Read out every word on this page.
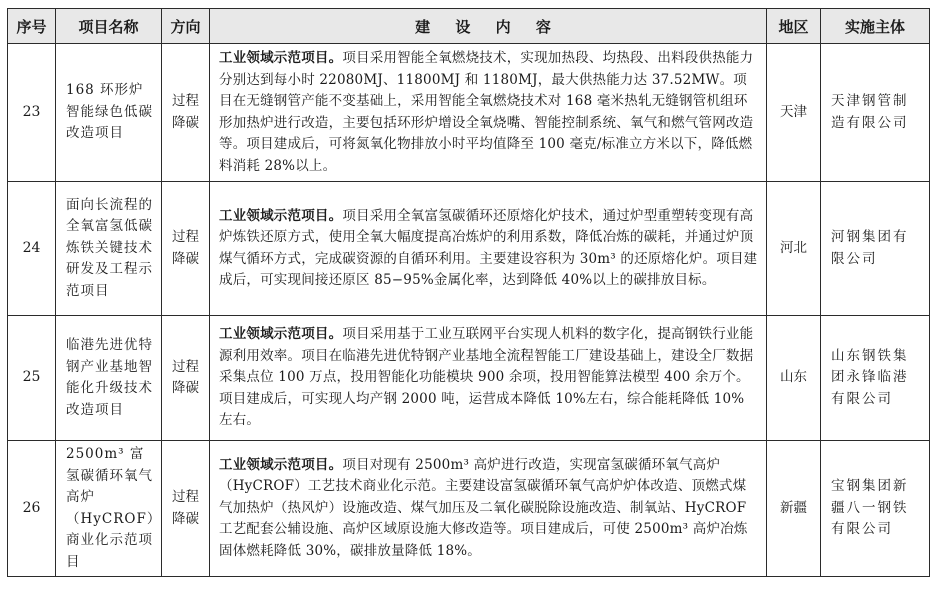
序号	项目名称	方向	建 设 内 容	地区	实施主体
23	168 环形炉智能绿色低碳改造项目	过程降碳	工业领域示范项目。项目采用智能全氧燃烧技术，实现加热段、均热段、出料段供热能力分别达到每小时 22080MJ、11800MJ 和 1180MJ，最大供热能力达 37.52MW。项目在无缝钢管产能不变基础上，采用智能全氧燃烧技术对 168 毫米热轧无缝钢管机组环形加热炉进行改造，主要包括环形炉增设全氧烧嘴、智能控制系统、氧气和燃气管网改造等。项目建成后，可将氮氧化物排放小时平均值降至 100 毫克/标准立方米以下，降低燃料消耗 28%以上。	天津	天津钢管制造有限公司
24	面向长流程的全氧富氢低碳炼铁关键技术研发及工程示范项目	过程降碳	工业领域示范项目。项目采用全氧富氢碳循环还原熔化炉技术，通过炉型重塑转变现有高炉炼铁还原方式，使用全氧大幅度提高冶炼炉的利用系数，降低冶炼的碳耗，并通过炉顶煤气循环方式，完成碳资源的自循环利用。主要建设容积为 30m³ 的还原熔化炉。项目建成后，可实现间接还原区 85−95%金属化率，达到降低 40%以上的碳排放目标。	河北	河钢集团有限公司
25	临港先进优特钢产业基地智能化升级技术改造项目	过程降碳	工业领域示范项目。项目采用基于工业互联网平台实现人机料的数字化，提高钢铁行业能源利用效率。项目在临港先进优特钢产业基地全流程智能工厂建设基础上，建设全厂数据采集点位 100 万点，投用智能化功能模块 900 余项，投用智能算法模型 400 余万个。项目建成后，可实现人均产钢 2000 吨，运营成本降低 10%左右，综合能耗降低 10%左右。	山东	山东钢铁集团永锋临港有限公司
26	2500m³ 富氢碳循环氧气高炉（HyCROF）商业化示范项目	过程降碳	工业领域示范项目。项目对现有 2500m³ 高炉进行改造，实现富氢碳循环氧气高炉（HyCROF）工艺技术商业化示范。主要建设富氢碳循环氧气高炉炉体改造、顶燃式煤气加热炉（热风炉）设施改造、煤气加压及二氧化碳脱除设施改造、制氧站、HyCROF 工艺配套公辅设施、高炉区域原设施大修改造等。项目建成后，可使 2500m³ 高炉冶炼固体燃耗降低 30%，碳排放量降低 18%。	新疆	宝钢集团新疆八一钢铁有限公司
